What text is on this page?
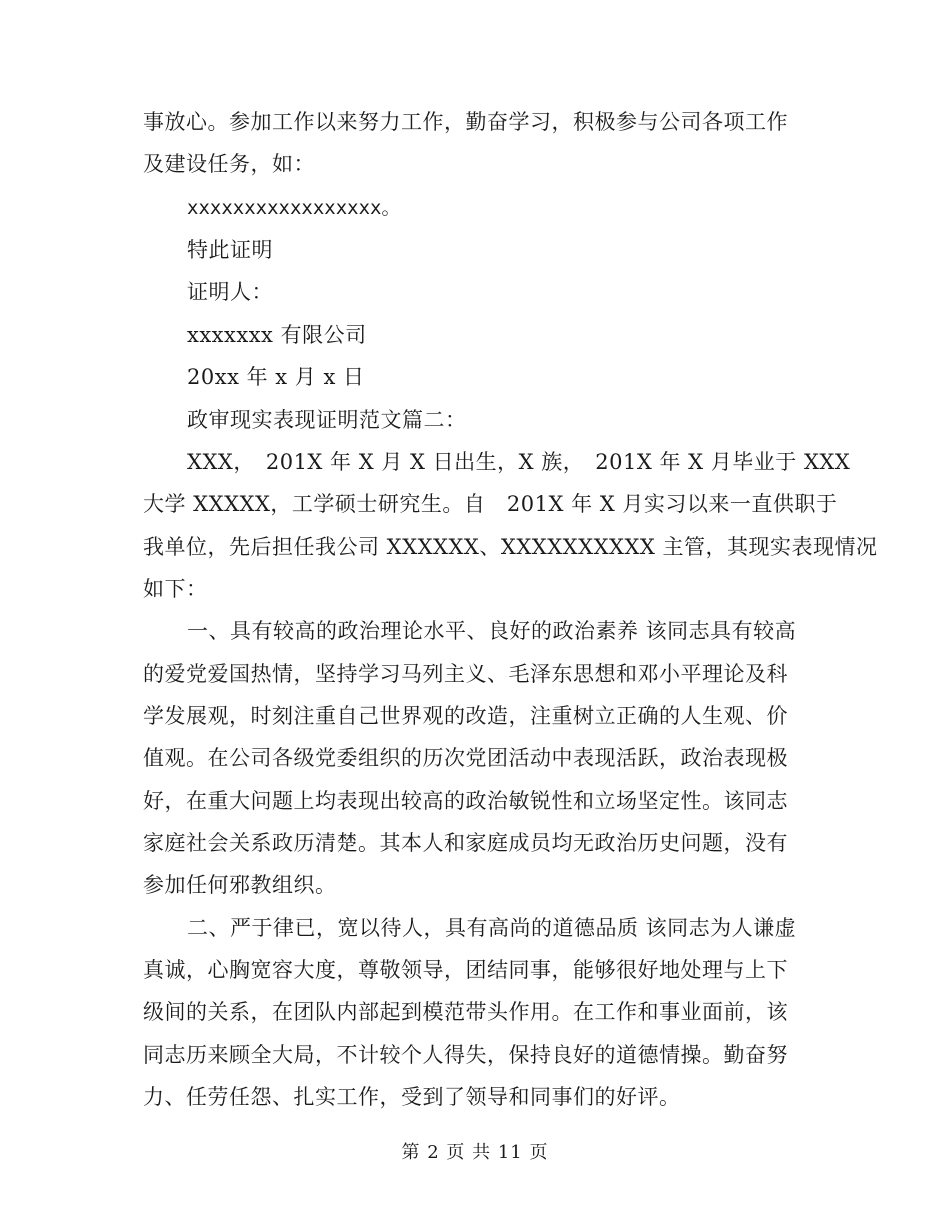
事放心。参加工作以来努力工作，勤奋学习，积极参与公司各项工作
及建设任务，如：
xxxxxxxxxxxxxxxxx。
特此证明
证明人：
xxxxxxx 有限公司
20xx 年 x 月 x 日
政审现实表现证明范文篇二：
XXX，　201X 年 X 月 X 日出生，X 族，　201X 年 X 月毕业于 XXX
大学 XXXXX，工学硕士研究生。自　201X 年 X 月实习以来一直供职于
我单位，先后担任我公司 XXXXXX、XXXXXXXXXX 主管，其现实表现情况
如下：
一、具有较高的政治理论水平、良好的政治素养 该同志具有较高
的爱党爱国热情，坚持学习马列主义、毛泽东思想和邓小平理论及科
学发展观，时刻注重自己世界观的改造，注重树立正确的人生观、价
值观。在公司各级党委组织的历次党团活动中表现活跃，政治表现极
好，在重大问题上均表现出较高的政治敏锐性和立场坚定性。该同志
家庭社会关系政历清楚。其本人和家庭成员均无政治历史问题，没有
参加任何邪教组织。
二、严于律已，宽以待人，具有高尚的道德品质 该同志为人谦虚
真诚，心胸宽容大度，尊敬领导，团结同事，能够很好地处理与上下
级间的关系，在团队内部起到模范带头作用。在工作和事业面前，该
同志历来顾全大局，不计较个人得失，保持良好的道德情操。勤奋努
力、任劳任怨、扎实工作，受到了领导和同事们的好评。
第 2 页 共 11 页
